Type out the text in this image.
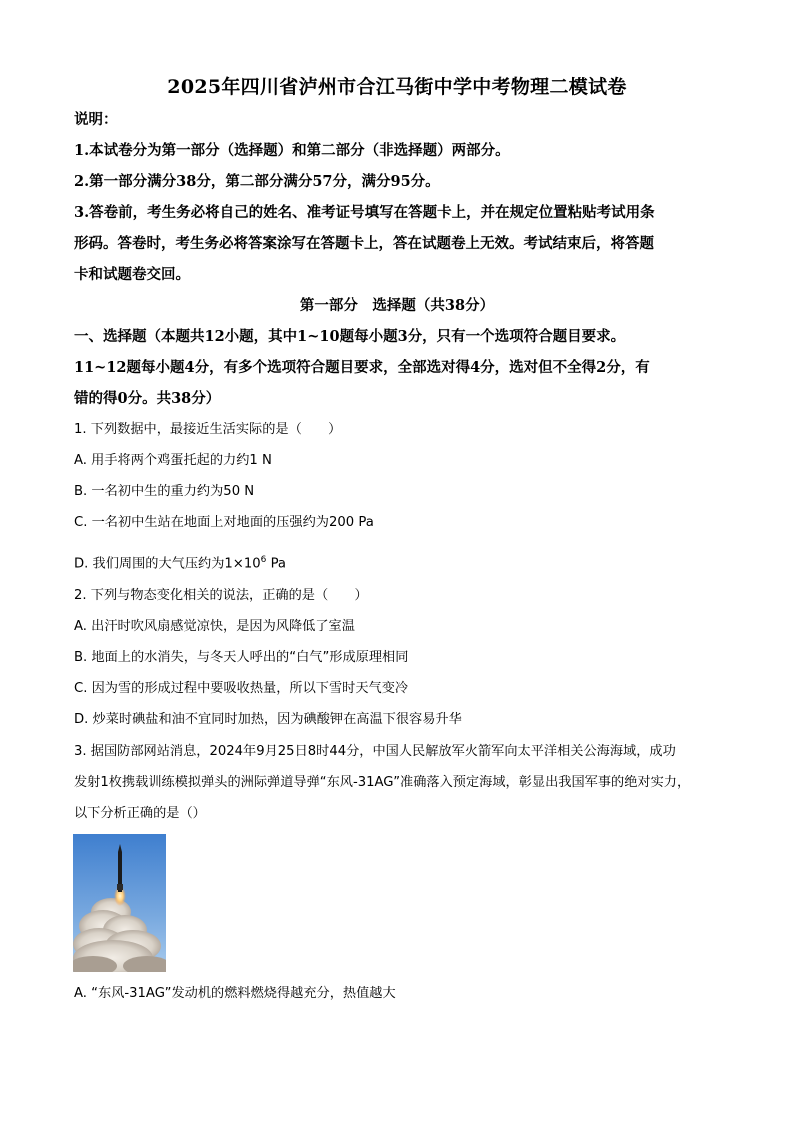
2025年四川省泸州市合江马街中学中考物理二模试卷
说明：
1.本试卷分为第一部分（选择题）和第二部分（非选择题）两部分。
2.第一部分满分38分，第二部分满分57分，满分95分。
3.答卷前，考生务必将自己的姓名、准考证号填写在答题卡上，并在规定位置粘贴考试用条
形码。答卷时，考生务必将答案涂写在答题卡上，答在试题卷上无效。考试结束后，将答题
卡和试题卷交回。
第一部分　选择题（共38分）
一、选择题（本题共12小题，其中1~10题每小题3分，只有一个选项符合题目要求。
11~12题每小题4分，有多个选项符合题目要求，全部选对得4分，选对但不全得2分，有
错的得0分。共38分）
1. 下列数据中，最接近生活实际的是（　　）
A. 用手将两个鸡蛋托起的力约1 N
B. 一名初中生的重力约为50 N
C. 一名初中生站在地面上对地面的压强约为200 Pa
D. 我们周围的大气压约为$1\times 10^6$ Pa
2. 下列与物态变化相关的说法，正确的是（　　）
A. 出汗时吹风扇感觉凉快，是因为风降低了室温
B. 地面上的水消失，与冬天人呼出的“白气”形成原理相同
C. 因为雪的形成过程中要吸收热量，所以下雪时天气变冷
D. 炒菜时碘盐和油不宜同时加热，因为碘酸钾在高温下很容易升华
3. 据国防部网站消息，2024年9月25日8时44分，中国人民解放军火箭军向太平洋相关公海海域，成功
发射1枚携载训练模拟弹头的洲际弹道导弹“东风-31AG”准确落入预定海域，彰显出我国军事的绝对实力，
以下分析正确的是（）
A. “东风-31AG”发动机的燃料燃烧得越充分，热值越大
